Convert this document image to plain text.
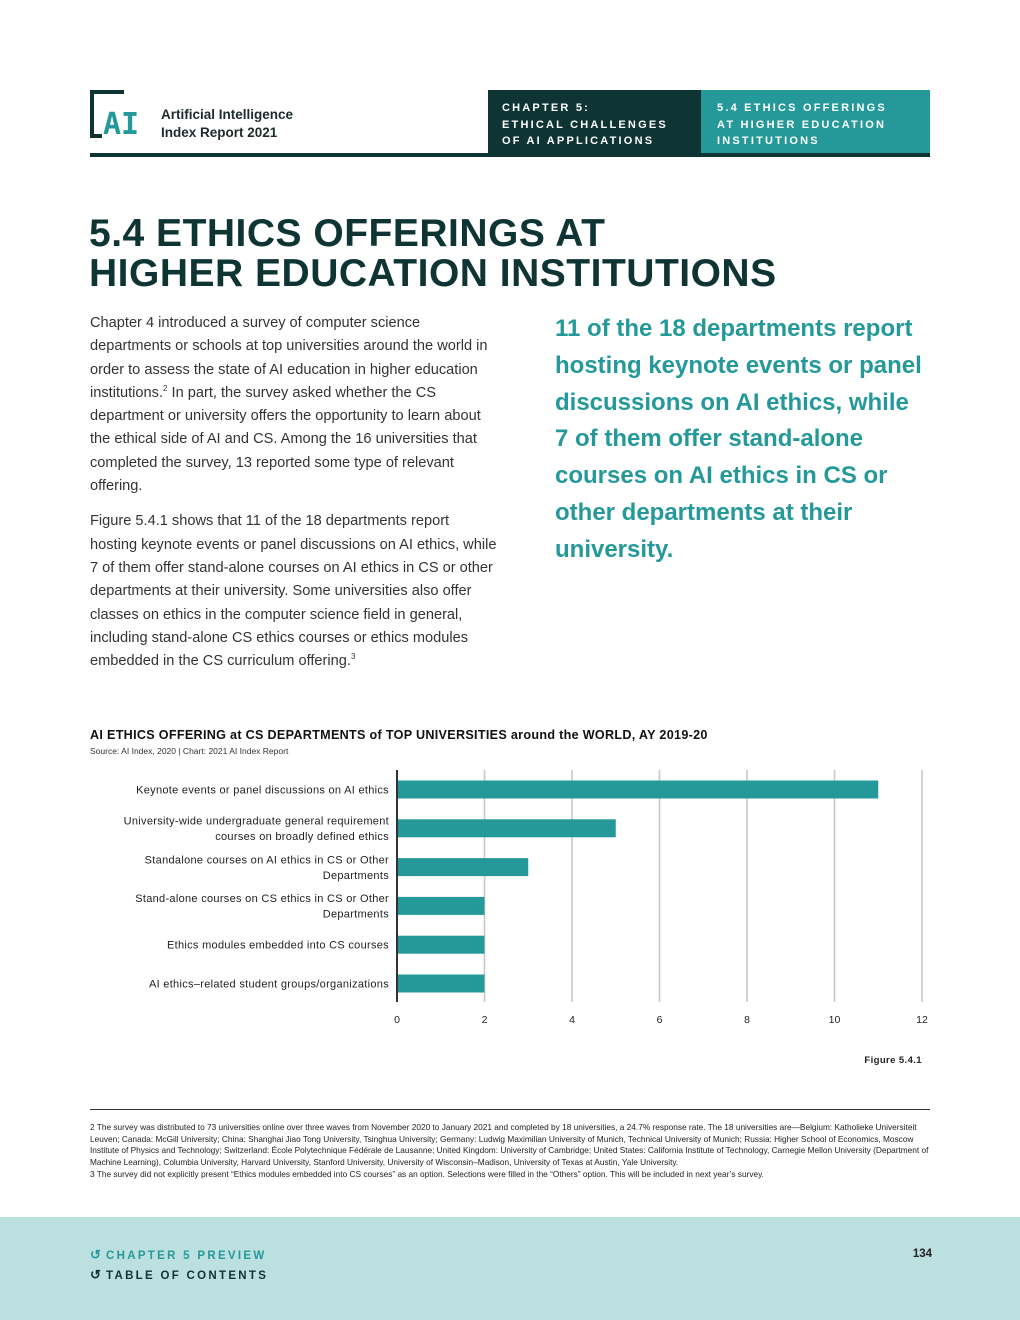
AI Artificial Intelligence
Index Report 2021
CHAPTER 5:
ETHICAL CHALLENGES
OF AI APPLICATIONS
5.4 ETHICS OFFERINGS
AT HIGHER EDUCATION
INSTITUTIONS
5.4 ETHICS OFFERINGS AT
HIGHER EDUCATION INSTITUTIONS

Chapter 4 introduced a survey of computer science departments or schools at top universities around the world in order to assess the state of AI education in higher education institutions.$^2$ In part, the survey asked whether the CS department or university offers the opportunity to learn about the ethical side of AI and CS. Among the 16 universities that completed the survey, 13 reported some type of relevant offering.

Figure 5.4.1 shows that 11 of the 18 departments report hosting keynote events or panel discussions on AI ethics, while 7 of them offer stand-alone courses on AI ethics in CS or other departments at their university. Some universities also offer classes on ethics in the computer science field in general, including stand-alone CS ethics courses or ethics modules embedded in the CS curriculum offering.$^3$

11 of the 18 departments report hosting keynote events or panel discussions on AI ethics, while 7 of them offer stand-alone courses on AI ethics in CS or other departments at their university.

AI ETHICS OFFERING at CS DEPARTMENTS of TOP UNIVERSITIES around the WORLD, AY 2019-20
Source: AI Index, 2020 | Chart: 2021 AI Index Report
0	2	4	6	8	10	12
Keynote events or panel discussions on AI ethics
University-wide undergraduate general requirement
courses on broadly defined ethics
Standalone courses on AI ethics in CS or Other
Departments
Stand-alone courses on CS ethics in CS or Other
Departments
Ethics modules embedded into CS courses
AI ethics–related student groups/organizations
Figure 5.4.1

2 The survey was distributed to 73 universities online over three waves from November 2020 to January 2021 and completed by 18 universities, a 24.7% response rate. The 18 universities are—Belgium: Katholieke Universiteit Leuven; Canada: McGill University; China: Shanghai Jiao Tong University, Tsinghua University; Germany: Ludwig Maximilian University of Munich, Technical University of Munich; Russia: Higher School of Economics, Moscow Institute of Physics and Technology; Switzerland: École Polytechnique Fédérale de Lausanne; United Kingdom: University of Cambridge; United States: California Institute of Technology, Carnegie Mellon University (Department of Machine Learning), Columbia University, Harvard University, Stanford University, University of Wisconsin–Madison, University of Texas at Austin, Yale University.

3 The survey did not explicitly present “Ethics modules embedded into CS courses” as an option. Selections were filled in the “Others” option. This will be included in next year’s survey.

↺ CHAPTER 5 PREVIEW
↺ TABLE OF CONTENTS
134
